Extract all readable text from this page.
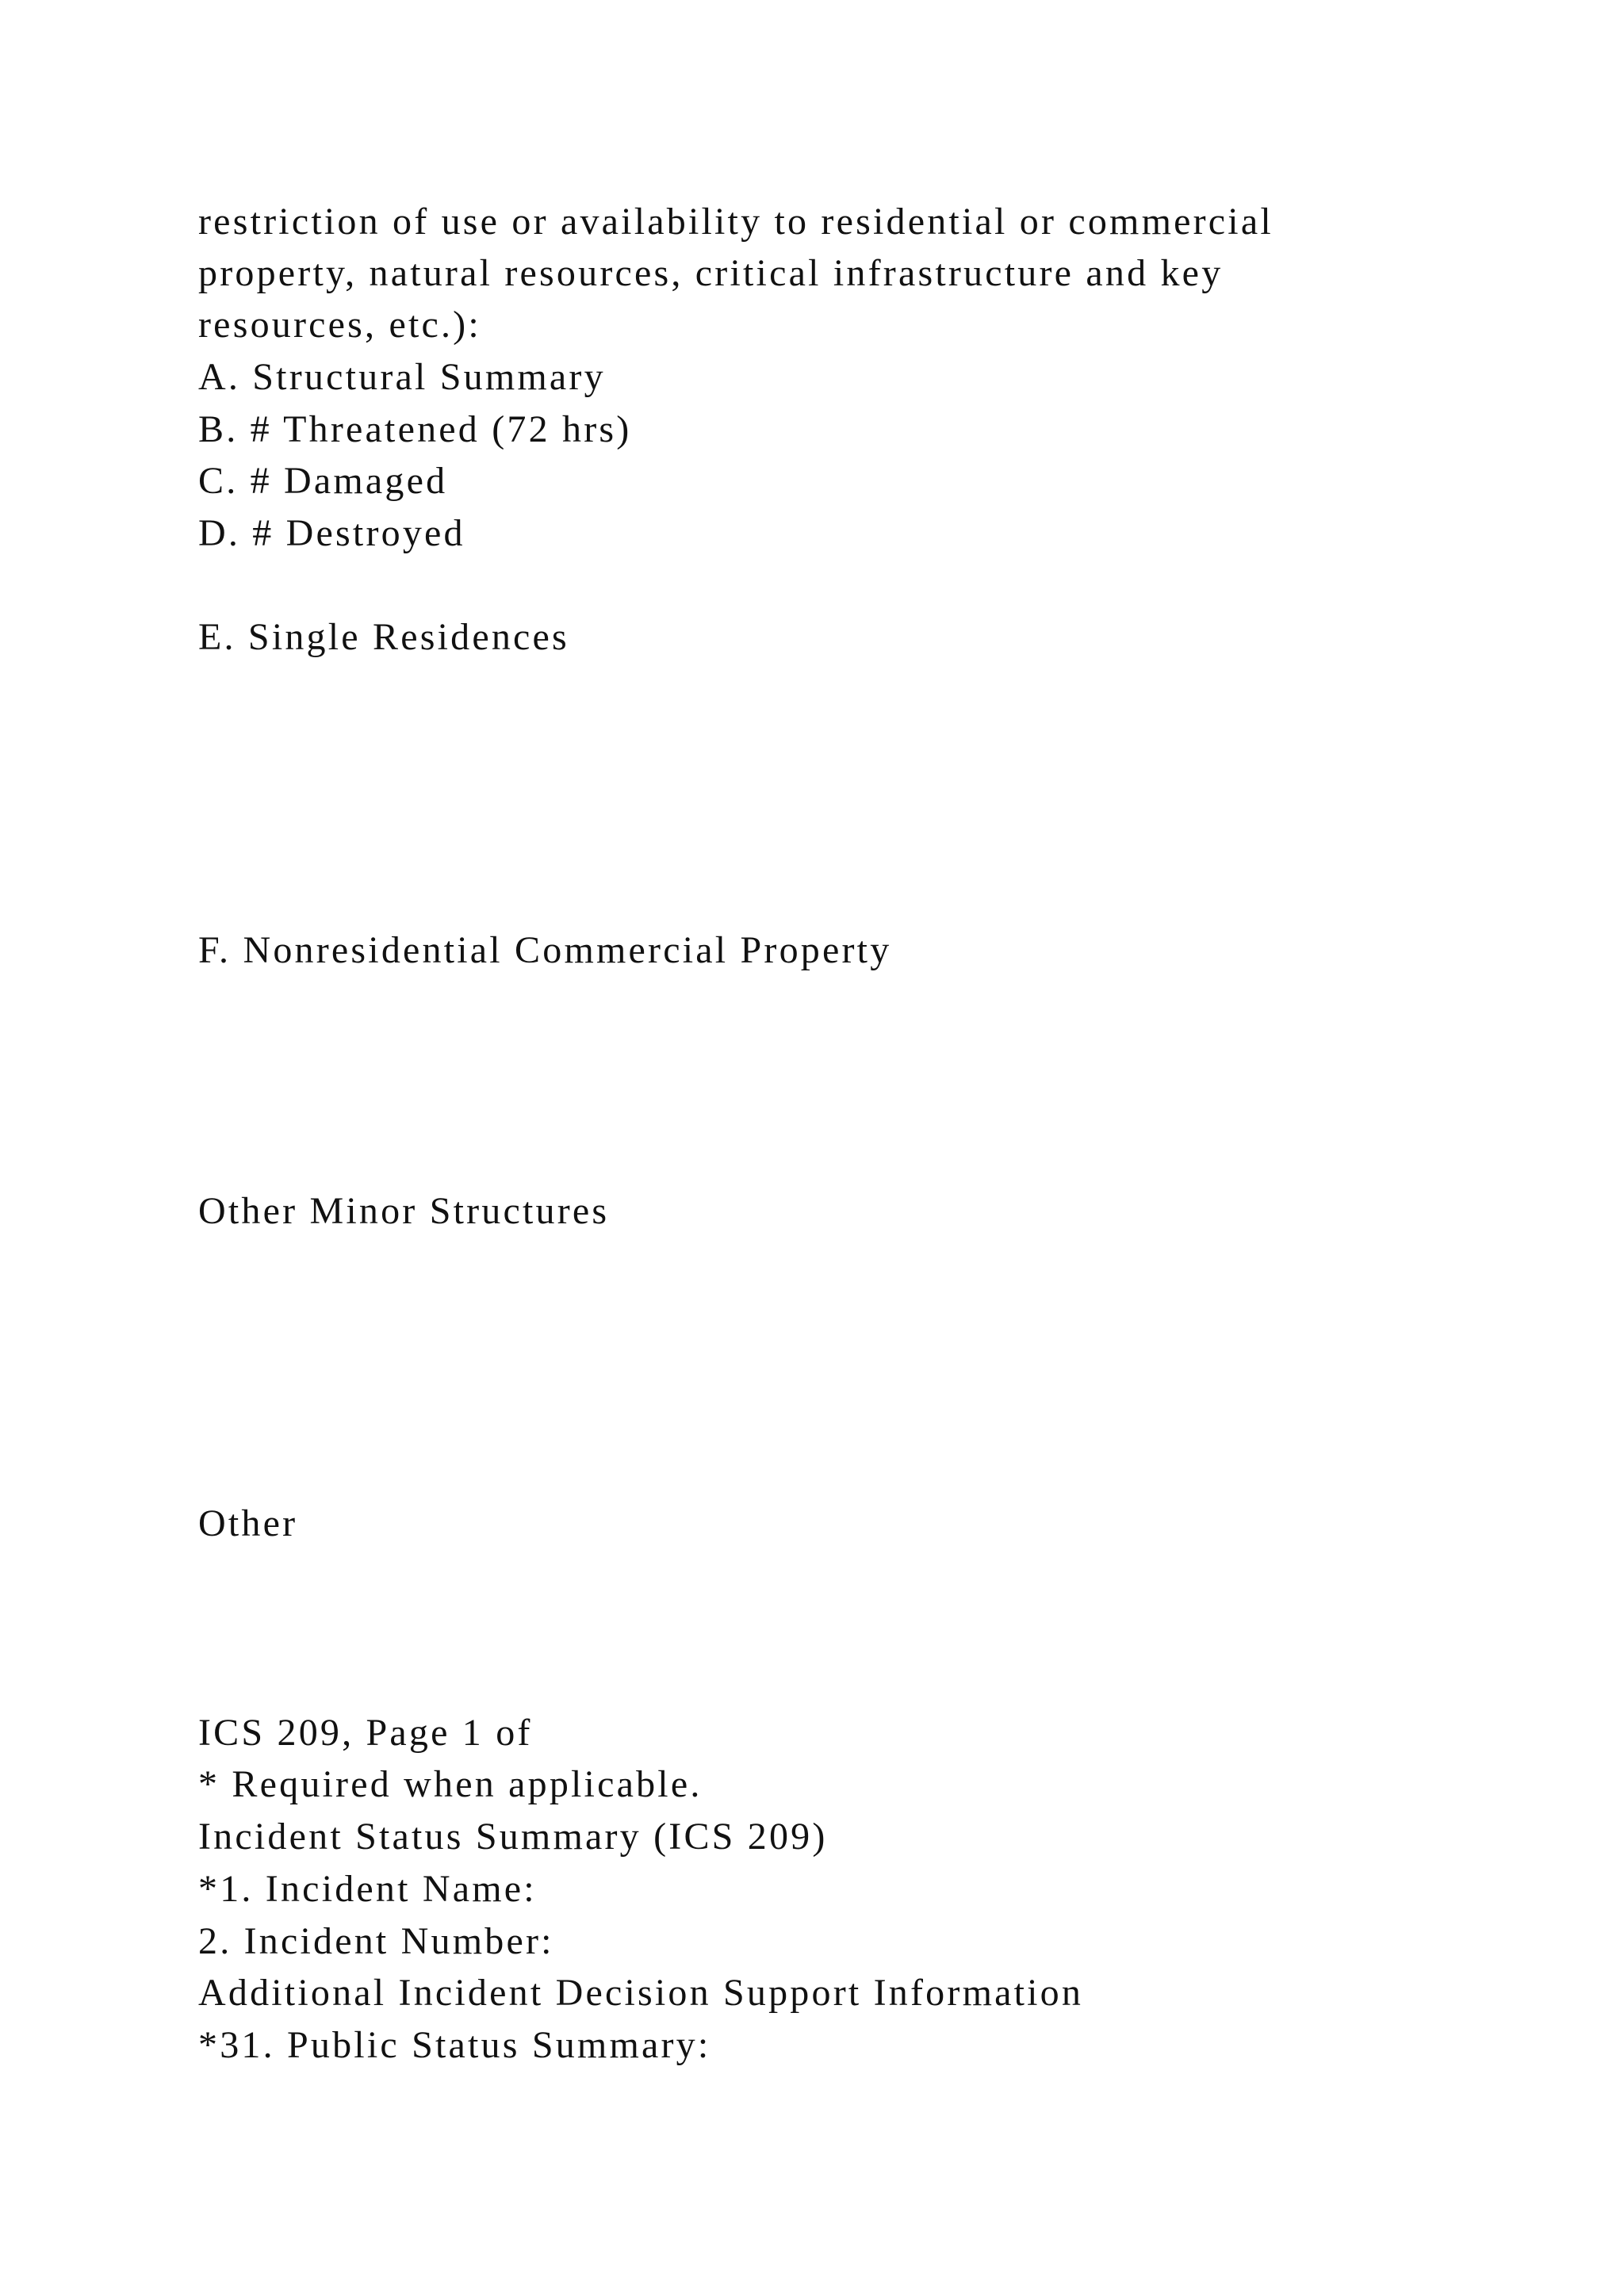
restriction of use or availability to residential or commercial

property, natural resources, critical infrastructure and key

resources, etc.):

A. Structural Summary

B. # Threatened (72 hrs)

C. # Damaged

D. # Destroyed

E. Single Residences

F. Nonresidential Commercial Property

Other Minor Structures

Other

ICS 209, Page 1 of

* Required when applicable.

Incident Status Summary (ICS 209)

*1. Incident Name:

2. Incident Number:

Additional Incident Decision Support Information

*31. Public Status Summary:
